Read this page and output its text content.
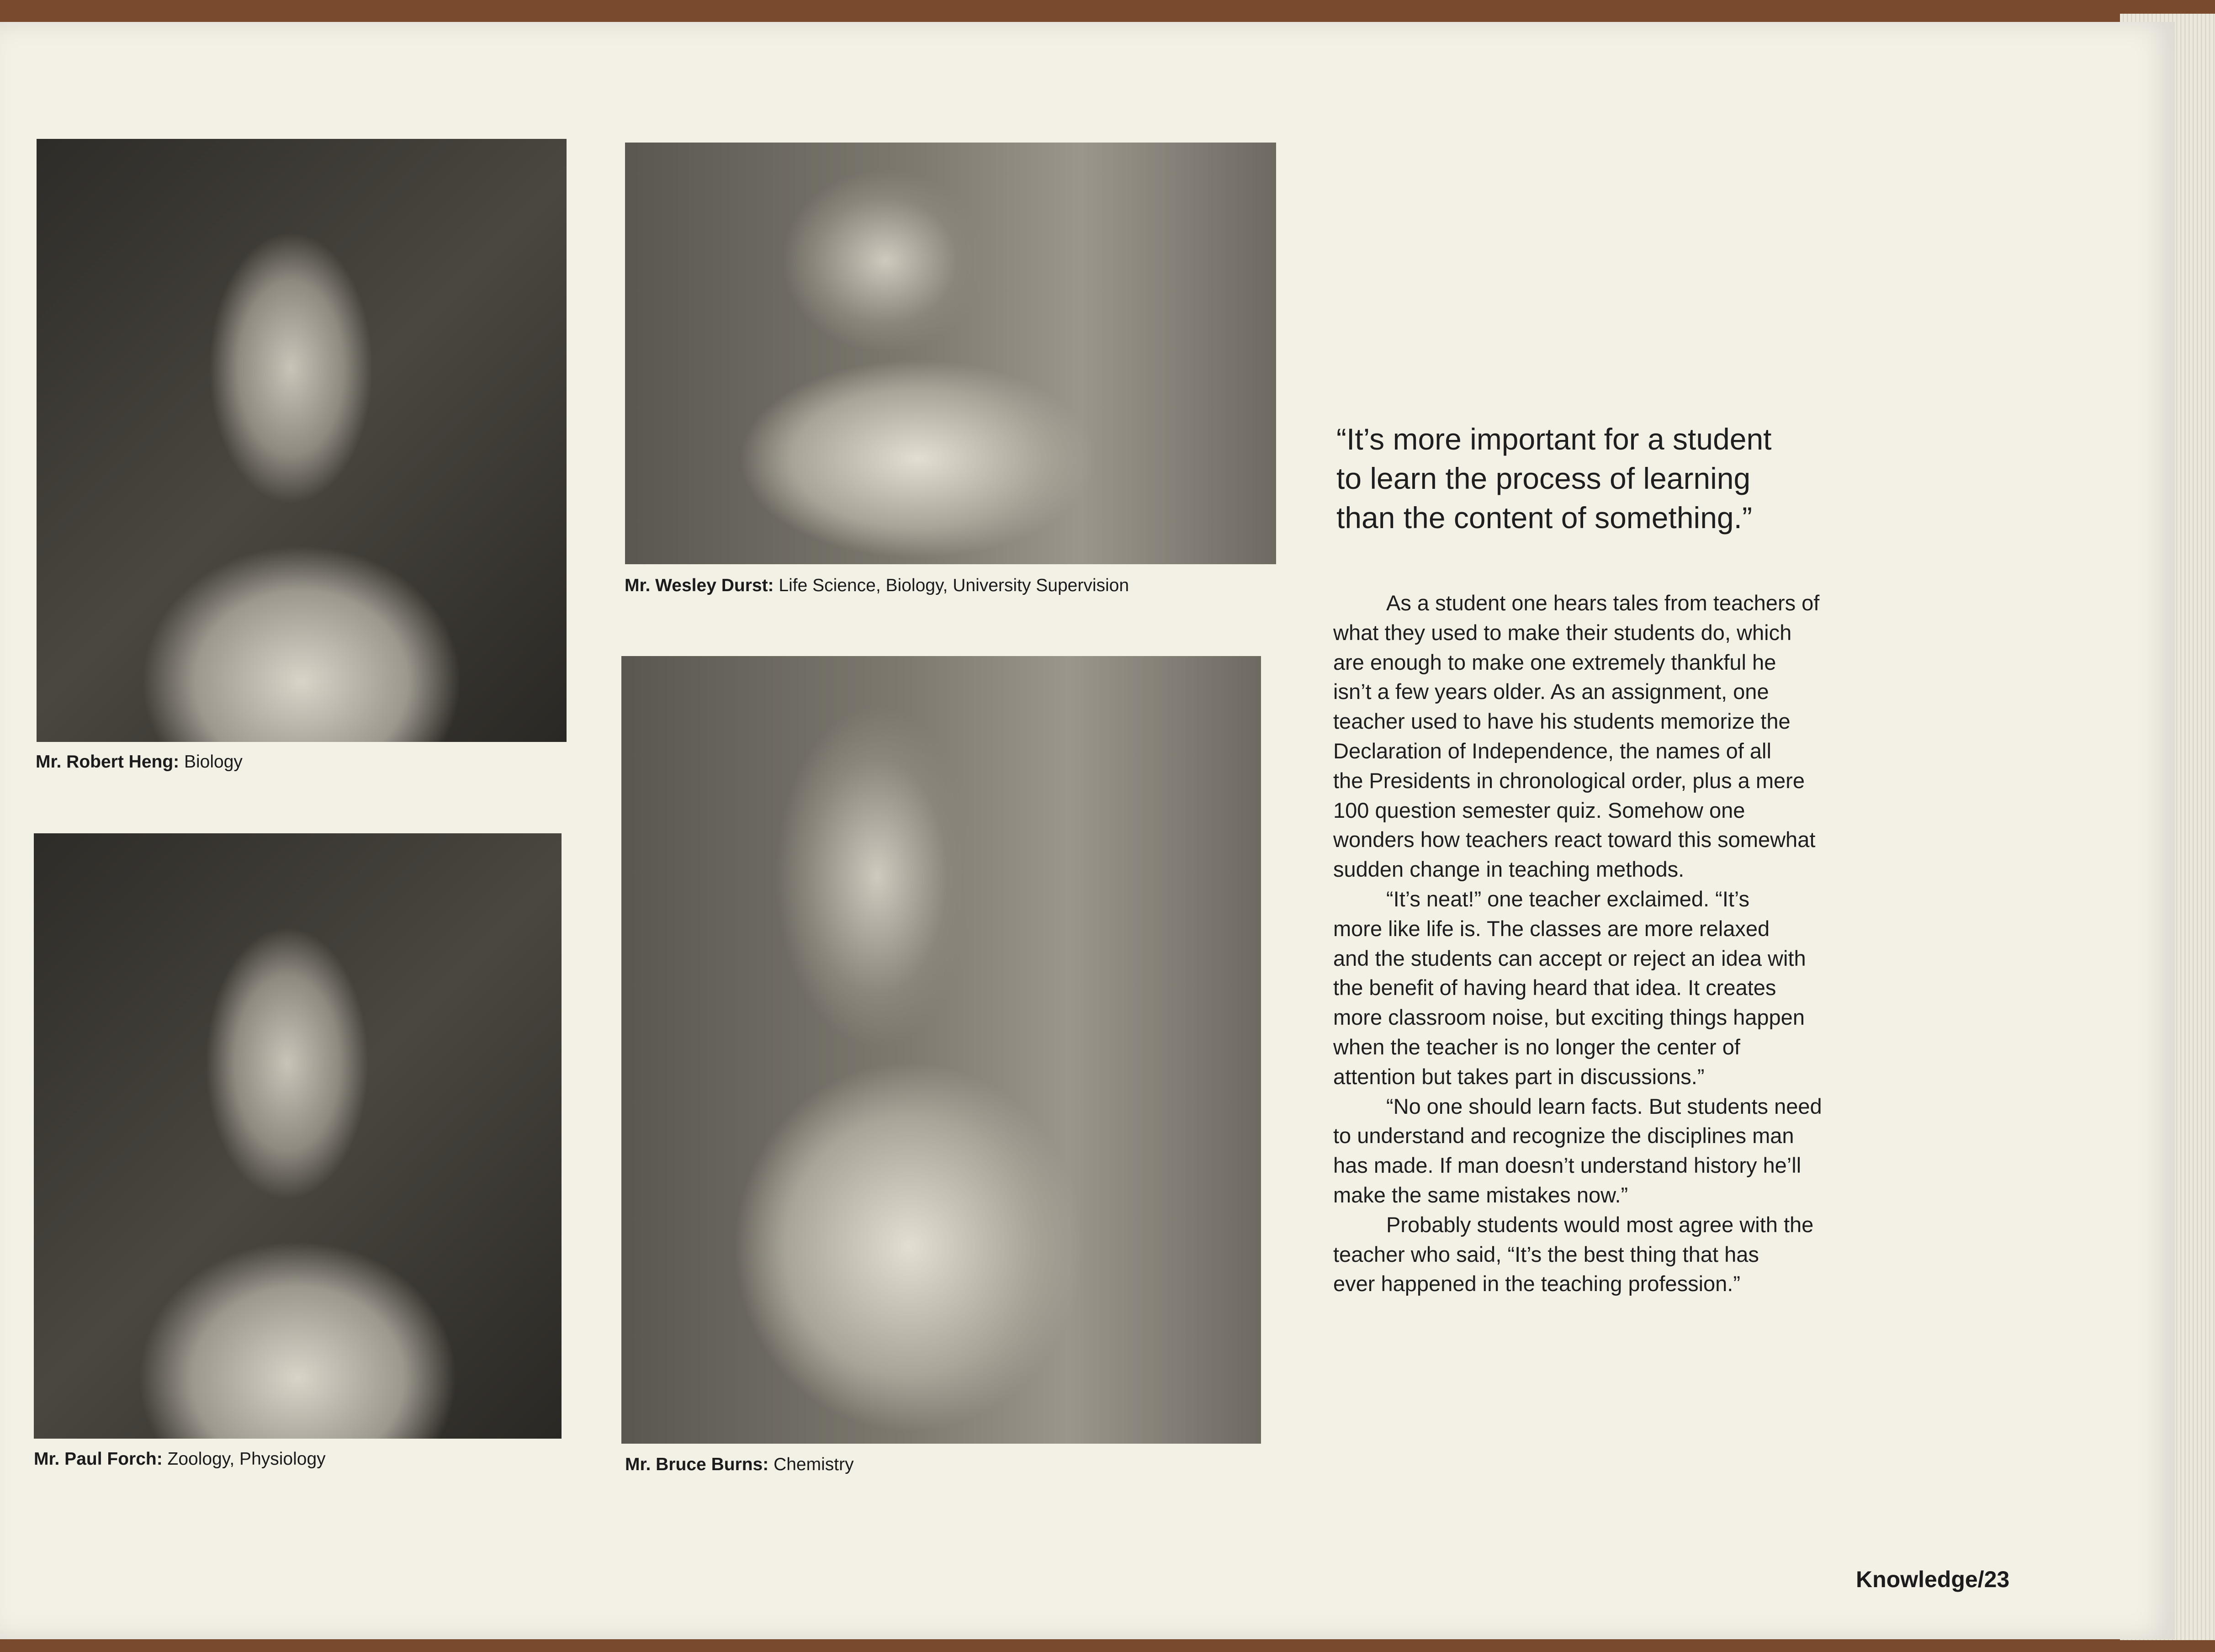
Mr. Robert Heng: Biology
Mr. Wesley Durst: Life Science, Biology, University Supervision
Mr. Paul Forch: Zoology, Physiology	Mr. Bruce Burns: Chemistry
“It’s more important for a student
to learn the process of learning
than the content of something.”
As a student one hears tales from teachers of
what they used to make their students do, which
are enough to make one extremely thankful he
isn’t a few years older. As an assignment, one
teacher used to have his students memorize the
Declaration of Independence, the names of all
the Presidents in chronological order, plus a mere
100 question semester quiz. Somehow one
wonders how teachers react toward this somewhat
sudden change in teaching methods.
“It’s neat!” one teacher exclaimed. “It’s
more like life is. The classes are more relaxed
and the students can accept or reject an idea with
the benefit of having heard that idea. It creates
more classroom noise, but exciting things happen
when the teacher is no longer the center of
attention but takes part in discussions.”
“No one should learn facts. But students need
to understand and recognize the disciplines man
has made. If man doesn’t understand history he’ll
make the same mistakes now.”
Probably students would most agree with the
teacher who said, “It’s the best thing that has
ever happened in the teaching profession.”
Knowledge/23
